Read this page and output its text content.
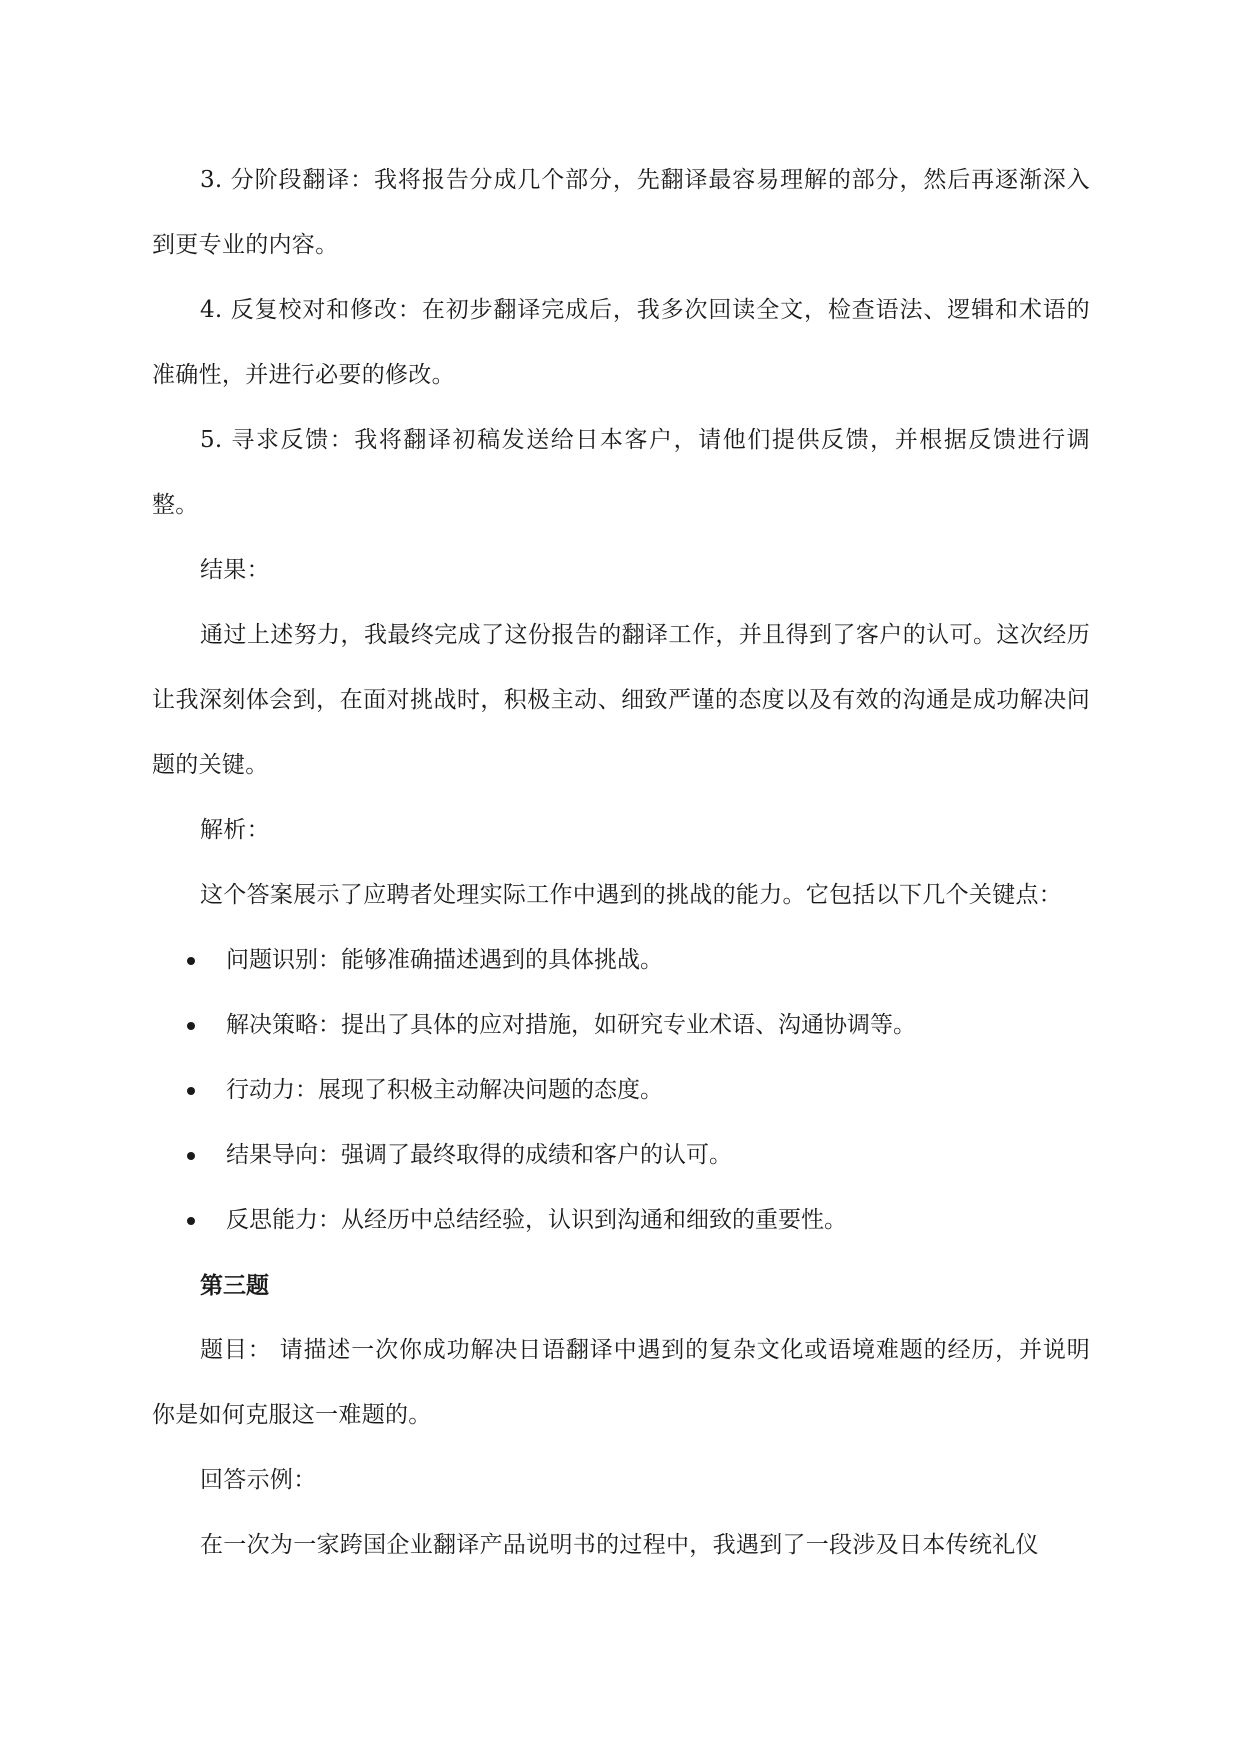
3. 分阶段翻译：我将报告分成几个部分，先翻译最容易理解的部分，然后再逐渐深入到更专业的内容。

4. 反复校对和修改：在初步翻译完成后，我多次回读全文，检查语法、逻辑和术语的准确性，并进行必要的修改。

5. 寻求反馈：我将翻译初稿发送给日本客户，请他们提供反馈，并根据反馈进行调整。

结果：

通过上述努力，我最终完成了这份报告的翻译工作，并且得到了客户的认可。这次经历让我深刻体会到，在面对挑战时，积极主动、细致严谨的态度以及有效的沟通是成功解决问题的关键。

解析：

这个答案展示了应聘者处理实际工作中遇到的挑战的能力。它包括以下几个关键点：

问题识别：能够准确描述遇到的具体挑战。
解决策略：提出了具体的应对措施，如研究专业术语、沟通协调等。
行动力：展现了积极主动解决问题的态度。
结果导向：强调了最终取得的成绩和客户的认可。
反思能力：从经历中总结经验，认识到沟通和细致的重要性。

第三题

题目： 请描述一次你成功解决日语翻译中遇到的复杂文化或语境难题的经历，并说明你是如何克服这一难题的。

回答示例：

在一次为一家跨国企业翻译产品说明书的过程中，我遇到了一段涉及日本传统礼仪
